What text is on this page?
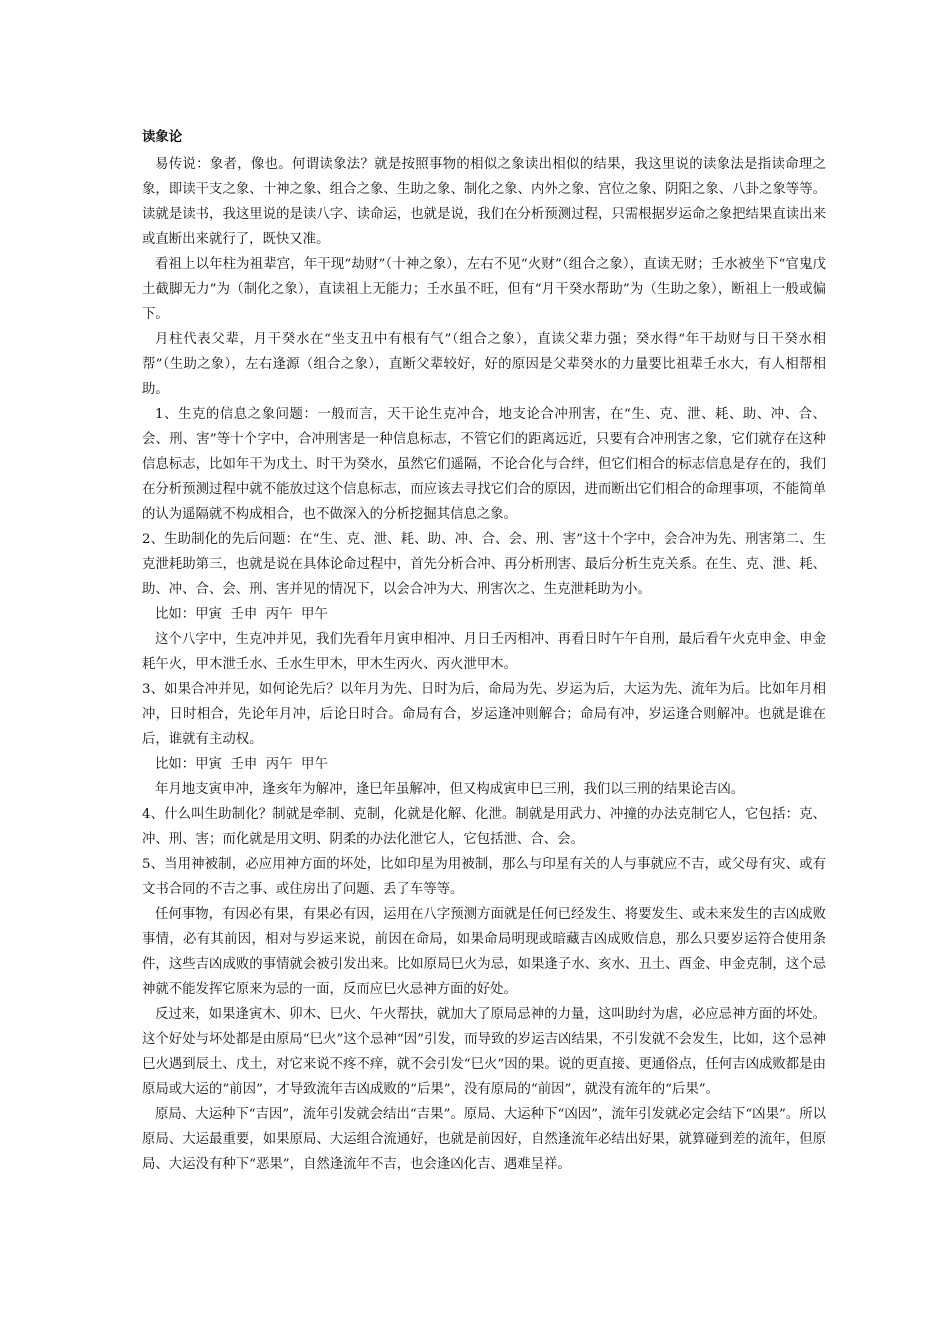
读象论

易传说：象者，像也。何谓读象法？就是按照事物的相似之象读出相似的结果，我这里说的读象法是指读命理之象，即读干支之象、十神之象、组合之象、生助之象、制化之象、内外之象、宫位之象、阴阳之象、八卦之象等等。读就是读书，我这里说的是读八字、读命运，也就是说，我们在分析预测过程，只需根据岁运命之象把结果直读出来或直断出来就行了，既快又准。

看祖上以年柱为祖辈宫，年干现“劫财”（十神之象），左右不见“火财”（组合之象），直读无财；壬水被坐下“官鬼戊土截脚无力”为（制化之象），直读祖上无能力；壬水虽不旺，但有“月干癸水帮助”为（生助之象），断祖上一般或偏下。

月柱代表父辈，月干癸水在“坐支丑中有根有气”（组合之象），直读父辈力强；癸水得“年干劫财与日干癸水相帮”（生助之象），左右逢源（组合之象），直断父辈较好，好的原因是父辈癸水的力量要比祖辈壬水大，有人相帮相助。

1、生克的信息之象问题：一般而言，天干论生克冲合，地支论合冲刑害，在“生、克、泄、耗、助、冲、合、会、刑、害”等十个字中，合冲刑害是一种信息标志，不管它们的距离远近，只要有合冲刑害之象，它们就存在这种信息标志，比如年干为戊土、时干为癸水，虽然它们遥隔，不论合化与合绊，但它们相合的标志信息是存在的，我们在分析预测过程中就不能放过这个信息标志，而应该去寻找它们合的原因，进而断出它们相合的命理事项，不能简单的认为遥隔就不构成相合，也不做深入的分析挖掘其信息之象。

2、生助制化的先后问题：在“生、克、泄、耗、助、冲、合、会、刑、害”这十个字中，会合冲为先、刑害第二、生克泄耗助第三，也就是说在具体论命过程中，首先分析合冲、再分析刑害、最后分析生克关系。在生、克、泄、耗、助、冲、合、会、刑、害并见的情况下，以会合冲为大、刑害次之、生克泄耗助为小。

比如：甲寅  壬申  丙午  甲午

这个八字中，生克冲并见，我们先看年月寅申相冲、月日壬丙相冲、再看日时午午自刑，最后看午火克申金、申金耗午火，甲木泄壬水、壬水生甲木，甲木生丙火、丙火泄甲木。

3、如果合冲并见，如何论先后？以年月为先、日时为后，命局为先、岁运为后，大运为先、流年为后。比如年月相冲，日时相合，先论年月冲，后论日时合。命局有合，岁运逢冲则解合；命局有冲，岁运逢合则解冲。也就是谁在后，谁就有主动权。

比如：甲寅  壬申  丙午  甲午

年月地支寅申冲，逢亥年为解冲，逢巳年虽解冲，但又构成寅申巳三刑，我们以三刑的结果论吉凶。

4、什么叫生助制化？制就是牵制、克制，化就是化解、化泄。制就是用武力、冲撞的办法克制它人，它包括：克、冲、刑、害；而化就是用文明、阴柔的办法化泄它人，它包括泄、合、会。

5、当用神被制，必应用神方面的坏处，比如印星为用被制，那么与印星有关的人与事就应不吉，或父母有灾、或有文书合同的不吉之事、或住房出了问题、丢了车等等。

任何事物，有因必有果，有果必有因，运用在八字预测方面就是任何已经发生、将要发生、或未来发生的吉凶成败事情，必有其前因，相对与岁运来说，前因在命局，如果命局明现或暗藏吉凶成败信息，那么只要岁运符合使用条件，这些吉凶成败的事情就会被引发出来。比如原局巳火为忌，如果逢子水、亥水、丑土、酉金、申金克制，这个忌神就不能发挥它原来为忌的一面，反而应巳火忌神方面的好处。

反过来，如果逢寅木、卯木、巳火、午火帮扶，就加大了原局忌神的力量，这叫助纣为虐，必应忌神方面的坏处。这个好处与坏处都是由原局“巳火”这个忌神“因”引发，而导致的岁运吉凶结果，不引发就不会发生，比如，这个忌神巳火遇到辰土、戊土，对它来说不疼不痒，就不会引发“巳火”因的果。说的更直接、更通俗点，任何吉凶成败都是由原局或大运的“前因”，才导致流年吉凶成败的“后果”，没有原局的“前因”，就没有流年的“后果”。

原局、大运种下“吉因”，流年引发就会结出“吉果”。原局、大运种下“凶因”，流年引发就必定会结下“凶果”。所以原局、大运最重要，如果原局、大运组合流通好，也就是前因好，自然逢流年必结出好果，就算碰到差的流年，但原局、大运没有种下“恶果”，自然逢流年不吉，也会逢凶化吉、遇难呈祥。
